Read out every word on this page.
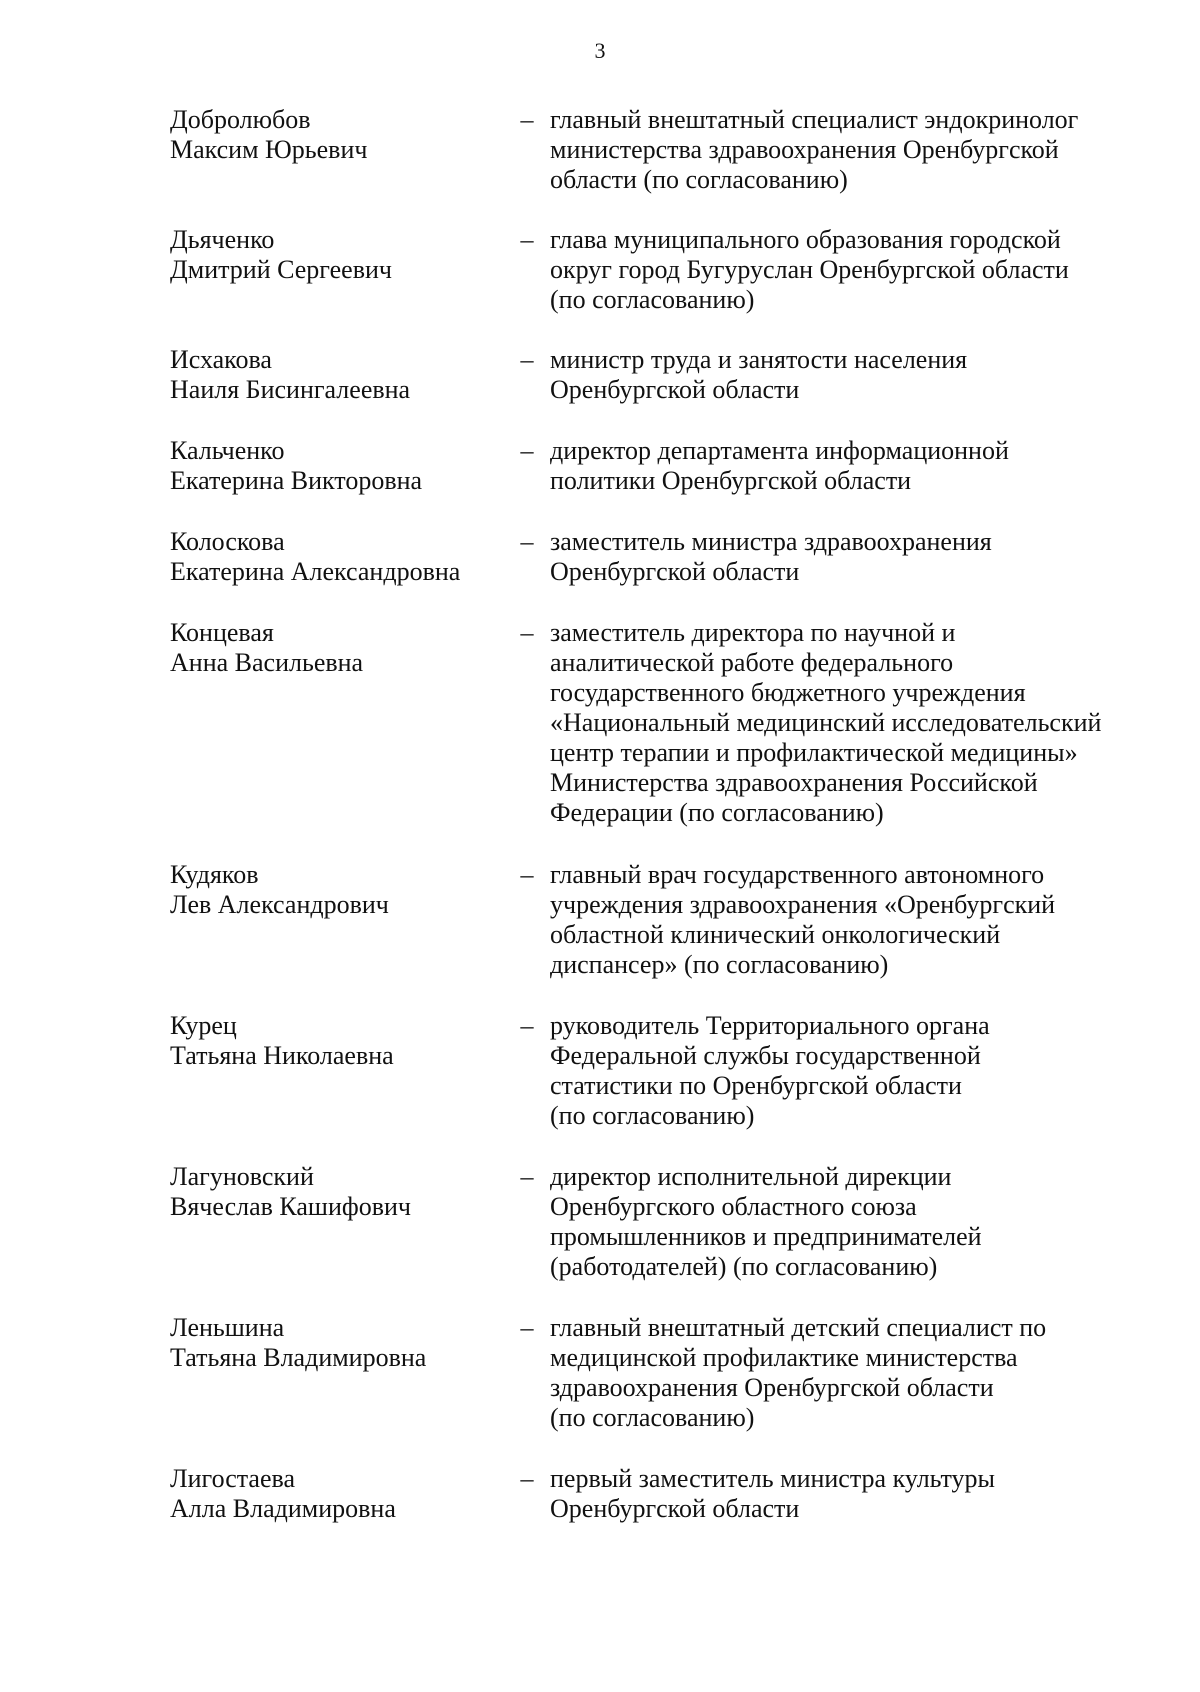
3
Добролюбов
Максим Юрьевич
– главный внештатный специалист эндокринолог
министерства здравоохранения Оренбургской
области (по согласованию)
Дьяченко
Дмитрий Сергеевич
– глава муниципального образования городской
округ город Бугуруслан Оренбургской области
(по согласованию)
Исхакова
Наиля Бисингалеевна
– министр труда и занятости населения
Оренбургской области
Кальченко
Екатерина Викторовна
– директор департамента информационной
политики Оренбургской области
Колоскова
Екатерина Александровна
– заместитель министра здравоохранения
Оренбургской области
Концевая
Анна Васильевна
– заместитель директора по научной и
аналитической работе федерального
государственного бюджетного учреждения
«Национальный медицинский исследовательский
центр терапии и профилактической медицины»
Министерства здравоохранения Российской
Федерации (по согласованию)
Кудяков
Лев Александрович
– главный врач государственного автономного
учреждения здравоохранения «Оренбургский
областной клинический онкологический
диспансер» (по согласованию)
Курец
Татьяна Николаевна
– руководитель Территориального органа
Федеральной службы государственной
статистики по Оренбургской области
(по согласованию)
Лагуновский
Вячеслав Кашифович
– директор исполнительной дирекции
Оренбургского областного союза
промышленников и предпринимателей
(работодателей) (по согласованию)
Леньшина
Татьяна Владимировна
– главный внештатный детский специалист по
медицинской профилактике министерства
здравоохранения Оренбургской области
(по согласованию)
Лигостаева
Алла Владимировна
– первый заместитель министра культуры
Оренбургской области
